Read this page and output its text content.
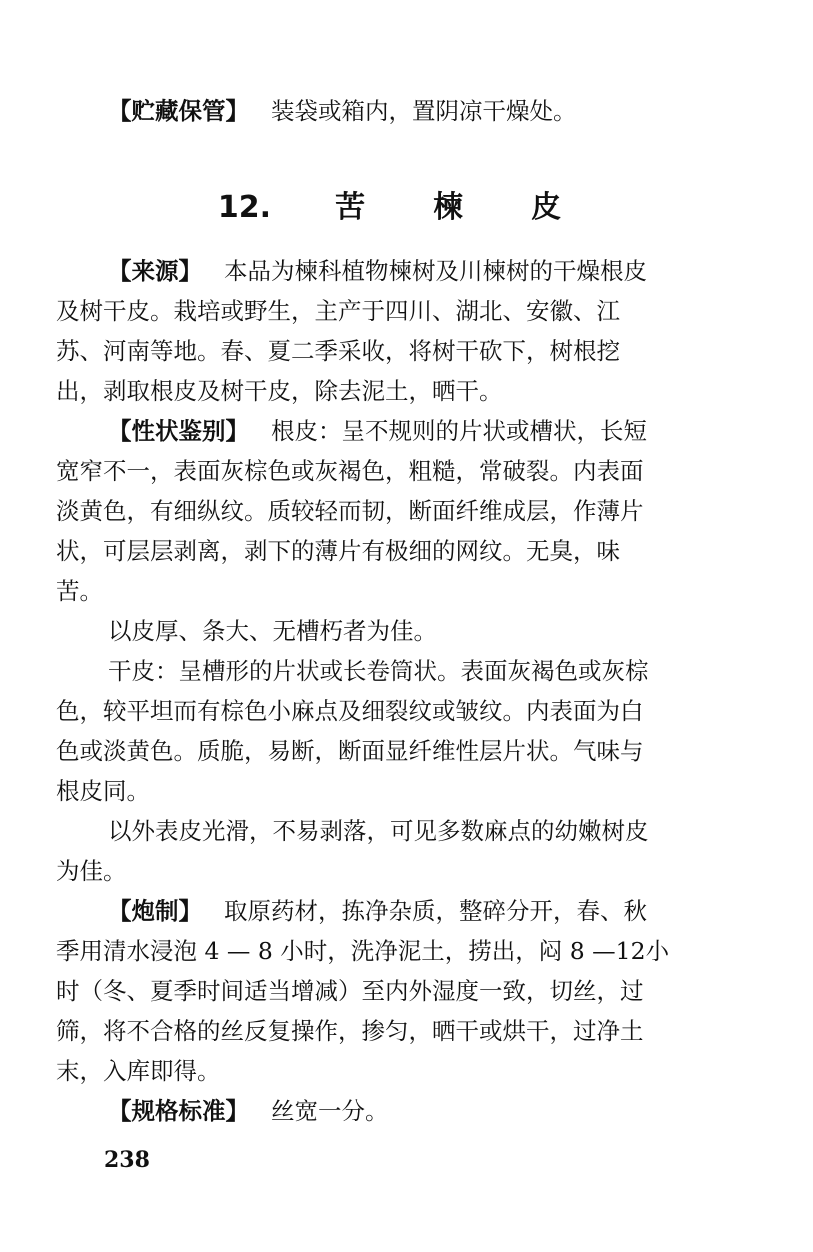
【贮藏保管】 装袋或箱内，置阴凉干燥处。
12. 苦 楝 皮
【来源】 本品为楝科植物楝树及川楝树的干燥根皮
及树干皮。栽培或野生，主产于四川、湖北、安徽、江
苏、河南等地。春、夏二季采收，将树干砍下，树根挖
出，剥取根皮及树干皮，除去泥土，晒干。
【性状鉴别】 根皮：呈不规则的片状或槽状，长短
宽窄不一，表面灰棕色或灰褐色，粗糙，常破裂。内表面
淡黄色，有细纵纹。质较轻而韧，断面纤维成层，作薄片
状，可层层剥离，剥下的薄片有极细的网纹。无臭，味
苦。
以皮厚、条大、无槽朽者为佳。
干皮：呈槽形的片状或长卷筒状。表面灰褐色或灰棕
色，较平坦而有棕色小麻点及细裂纹或皱纹。内表面为白
色或淡黄色。质脆，易断，断面显纤维性层片状。气味与
根皮同。
以外表皮光滑，不易剥落，可见多数麻点的幼嫩树皮
为佳。
【炮制】 取原药材，拣净杂质，整碎分开，春、秋
季用清水浸泡 4 — 8 小时，洗净泥土，捞出，闷 8 —12小
时（冬、夏季时间适当增减）至内外湿度一致，切丝，过
筛，将不合格的丝反复操作，掺匀，晒干或烘干，过净土
末，入库即得。
【规格标准】 丝宽一分。
238
